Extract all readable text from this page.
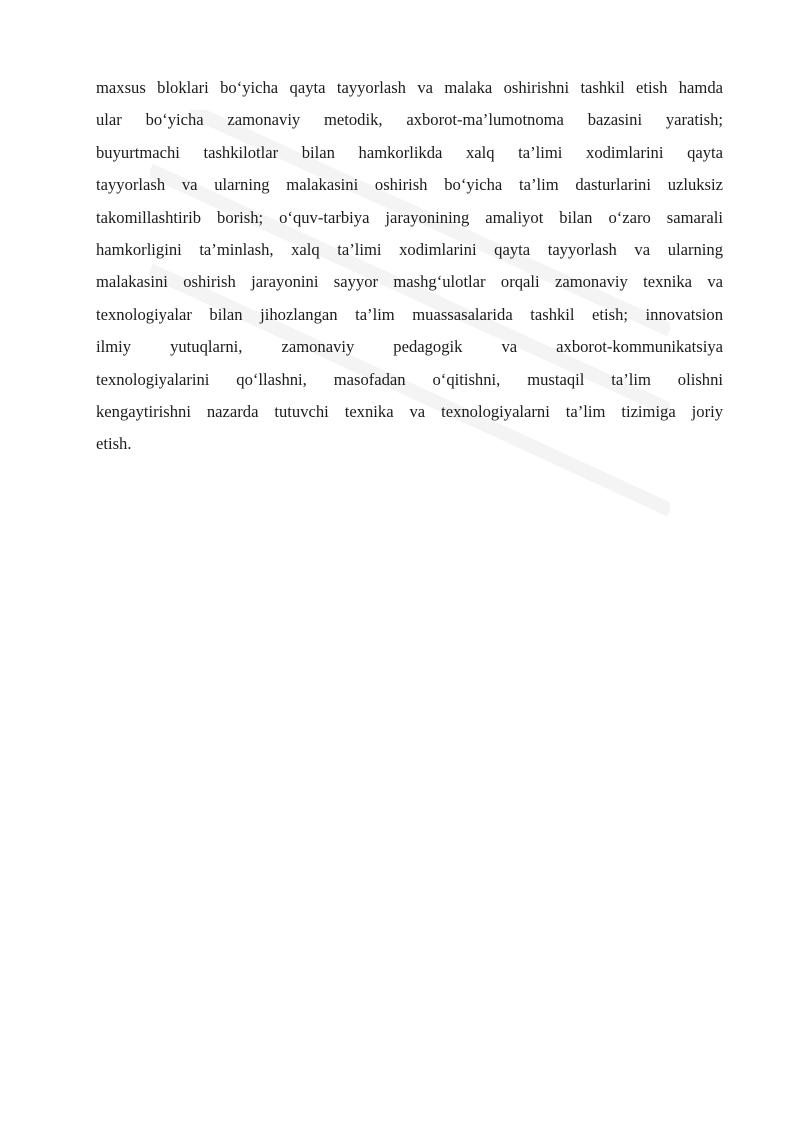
maxsus bloklari bo‘yicha qayta tayyorlash va malaka oshirishni tashkil etish hamda
ular bo‘yicha zamonaviy metodik, axborot-ma’lumotnoma bazasini yaratish;
buyurtmachi tashkilotlar bilan hamkorlikda xalq ta’limi xodimlarini qayta
tayyorlash va ularning malakasini oshirish bo‘yicha ta’lim dasturlarini uzluksiz
takomillashtirib borish; o‘quv-tarbiya jarayonining amaliyot bilan o‘zaro samarali
hamkorligini ta’minlash, xalq ta’limi xodimlarini qayta tayyorlash va ularning
malakasini oshirish jarayonini sayyor mashg‘ulotlar orqali zamonaviy texnika va
texnologiyalar bilan jihozlangan ta’lim muassasalarida tashkil etish; innovatsion
ilmiy yutuqlarni, zamonaviy pedagogik va axborot-kommunikatsiya
texnologiyalarini qo‘llashni, masofadan o‘qitishni, mustaqil ta’lim olishni
kengaytirishni nazarda tutuvchi texnika va texnologiyalarni ta’lim tizimiga joriy
etish.
